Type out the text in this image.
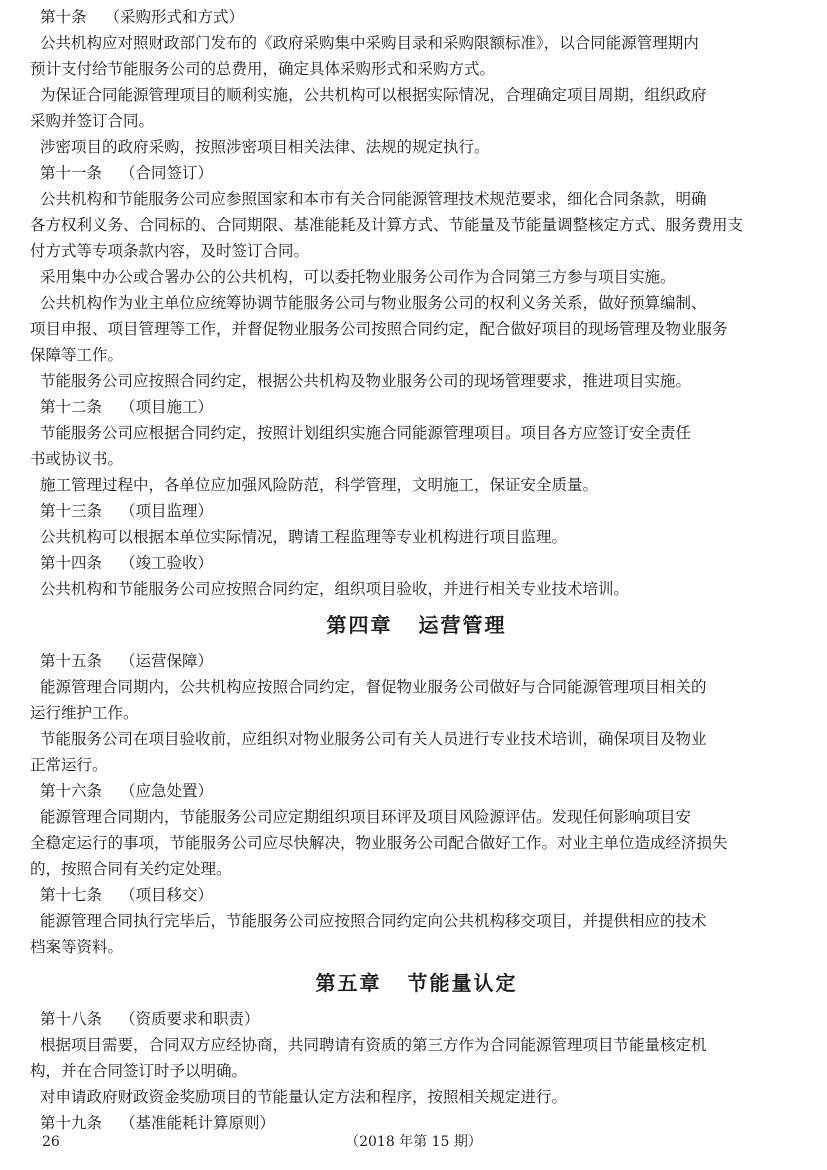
第十条 （采购形式和方式）
公共机构应对照财政部门发布的《政府采购集中采购目录和采购限额标准》，以合同能源管理期内
预计支付给节能服务公司的总费用，确定具体采购形式和采购方式。
为保证合同能源管理项目的顺利实施，公共机构可以根据实际情况，合理确定项目周期，组织政府
采购并签订合同。
涉密项目的政府采购，按照涉密项目相关法律、法规的规定执行。
第十一条 （合同签订）
公共机构和节能服务公司应参照国家和本市有关合同能源管理技术规范要求，细化合同条款，明确
各方权利义务、合同标的、合同期限、基准能耗及计算方式、节能量及节能量调整核定方式、服务费用支
付方式等专项条款内容，及时签订合同。
采用集中办公或合署办公的公共机构，可以委托物业服务公司作为合同第三方参与项目实施。
公共机构作为业主单位应统筹协调节能服务公司与物业服务公司的权利义务关系，做好预算编制、
项目申报、项目管理等工作，并督促物业服务公司按照合同约定，配合做好项目的现场管理及物业服务
保障等工作。
节能服务公司应按照合同约定，根据公共机构及物业服务公司的现场管理要求，推进项目实施。
第十二条 （项目施工）
节能服务公司应根据合同约定，按照计划组织实施合同能源管理项目。项目各方应签订安全责任
书或协议书。
施工管理过程中，各单位应加强风险防范，科学管理，文明施工，保证安全质量。
第十三条 （项目监理）
公共机构可以根据本单位实际情况，聘请工程监理等专业机构进行项目监理。
第十四条 （竣工验收）
公共机构和节能服务公司应按照合同约定，组织项目验收，并进行相关专业技术培训。
第四章 运营管理
第十五条 （运营保障）
能源管理合同期内，公共机构应按照合同约定，督促物业服务公司做好与合同能源管理项目相关的
运行维护工作。
节能服务公司在项目验收前，应组织对物业服务公司有关人员进行专业技术培训，确保项目及物业
正常运行。
第十六条 （应急处置）
能源管理合同期内，节能服务公司应定期组织项目环评及项目风险源评估。发现任何影响项目安
全稳定运行的事项，节能服务公司应尽快解决，物业服务公司配合做好工作。对业主单位造成经济损失
的，按照合同有关约定处理。
第十七条 （项目移交）
能源管理合同执行完毕后，节能服务公司应按照合同约定向公共机构移交项目，并提供相应的技术
档案等资料。
第五章 节能量认定
第十八条 （资质要求和职责）
根据项目需要，合同双方应经协商，共同聘请有资质的第三方作为合同能源管理项目节能量核定机
构，并在合同签订时予以明确。
对申请政府财政资金奖励项目的节能量认定方法和程序，按照相关规定进行。
第十九条 （基准能耗计算原则）
26	（2018 年第 15 期）
